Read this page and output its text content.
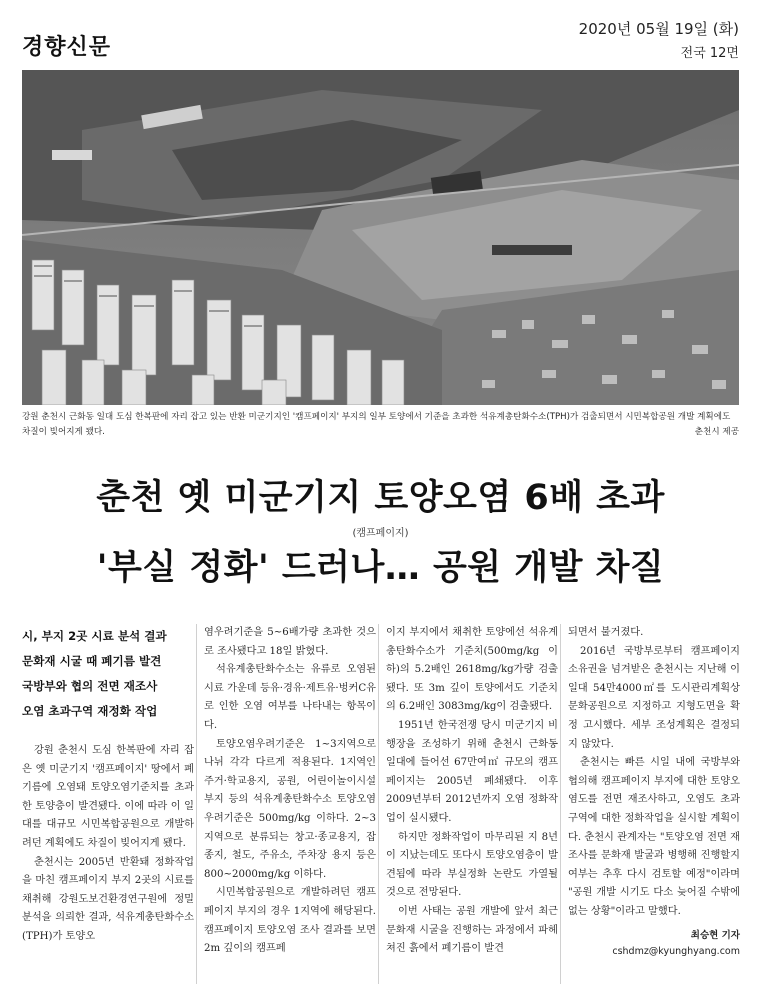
경향신문
2020년 05월 19일 (화)
전국 12면
강원 춘천시 근화동 일대 도심 한복판에 자리 잡고 있는 반환 미군기지인 '캠프페이지' 부지의 일부 토양에서 기준을 초과한 석유계총탄화수소(TPH)가 검출되면서 시민복합공원 개발 계획에도 차질이 빚어지게 됐다.	춘천시 제공
춘천 옛 미군기지 토양오염 6배 초과
(캠프페이지)
'부실 정화' 드러나… 공원 개발 차질
시, 부지 2곳 시료 분석 결과
문화재 시굴 때 폐기름 발견
국방부와 협의 전면 재조사
오염 초과구역 재정화 작업

강원 춘천시 도심 한복판에 자리 잡은 옛 미군기지 '캠프페이지' 땅에서 폐기름에 오염돼 토양오염기준치를 초과한 토양층이 발견됐다. 이에 따라 이 일대를 대규모 시민복합공원으로 개발하려던 계획에도 차질이 빚어지게 됐다.

춘천시는 2005년 반환돼 정화작업을 마친 캠프페이지 부지 2곳의 시료를 채취해 강원도보건환경연구원에 정밀분석을 의뢰한 결과, 석유계총탄화수소(TPH)가 토양오

염우려기준을 5~6배가량 초과한 것으로 조사됐다고 18일 밝혔다.

석유계총탄화수소는 유류로 오염된 시료 가운데 등유·경유·제트유·벙커C유로 인한 오염 여부를 나타내는 항목이다.

토양오염우려기준은 1~3지역으로 나뉘 각각 다르게 적용된다. 1지역인 주거·학교용지, 공원, 어린이놀이시설 부지 등의 석유계총탄화수소 토양오염우려기준은 500mg/kg 이하다. 2~3지역으로 분류되는 창고·종교용지, 잡종지, 철도, 주유소, 주차장 용지 등은 800~2000mg/kg 이하다.

시민복합공원으로 개발하려던 캠프페이지 부지의 경우 1지역에 해당된다. 캠프페이지 토양오염 조사 결과를 보면 2m 깊이의 캠프페

이지 부지에서 채취한 토양에선 석유계총탄화수소가 기준치(500mg/kg 이하)의 5.2배인 2618mg/kg가량 검출됐다. 또 3m 깊이 토양에서도 기준치의 6.2배인 3083mg/kg이 검출됐다.

1951년 한국전쟁 당시 미군기지 비행장을 조성하기 위해 춘천시 근화동 일대에 들어선 67만여㎡ 규모의 캠프페이지는 2005년 폐쇄됐다. 이후 2009년부터 2012년까지 오염 정화작업이 실시됐다.

하지만 정화작업이 마무리된 지 8년이 지났는데도 또다시 토양오염층이 발견됨에 따라 부실정화 논란도 가열될 것으로 전망된다.

이번 사태는 공원 개발에 앞서 최근 문화재 시굴을 진행하는 과정에서 파헤쳐진 흙에서 폐기름이 발견

되면서 불거졌다.

2016년 국방부로부터 캠프페이지 소유권을 넘겨받은 춘천시는 지난해 이 일대 54만4000㎡를 도시관리계획상 문화공원으로 지정하고 지형도면을 확정 고시했다. 세부 조성계획은 결정되지 않았다.

춘천시는 빠른 시일 내에 국방부와 협의해 캠프페이지 부지에 대한 토양오염도를 전면 재조사하고, 오염도 초과구역에 대한 정화작업을 실시할 계획이다. 춘천시 관계자는 "토양오염 전면 재조사를 문화재 발굴과 병행해 진행할지 여부는 추후 다시 검토할 예정"이라며 "공원 개발 시기도 다소 늦어질 수밖에 없는 상황"이라고 말했다.

최승현 기자
cshdmz@kyunghyang.com
